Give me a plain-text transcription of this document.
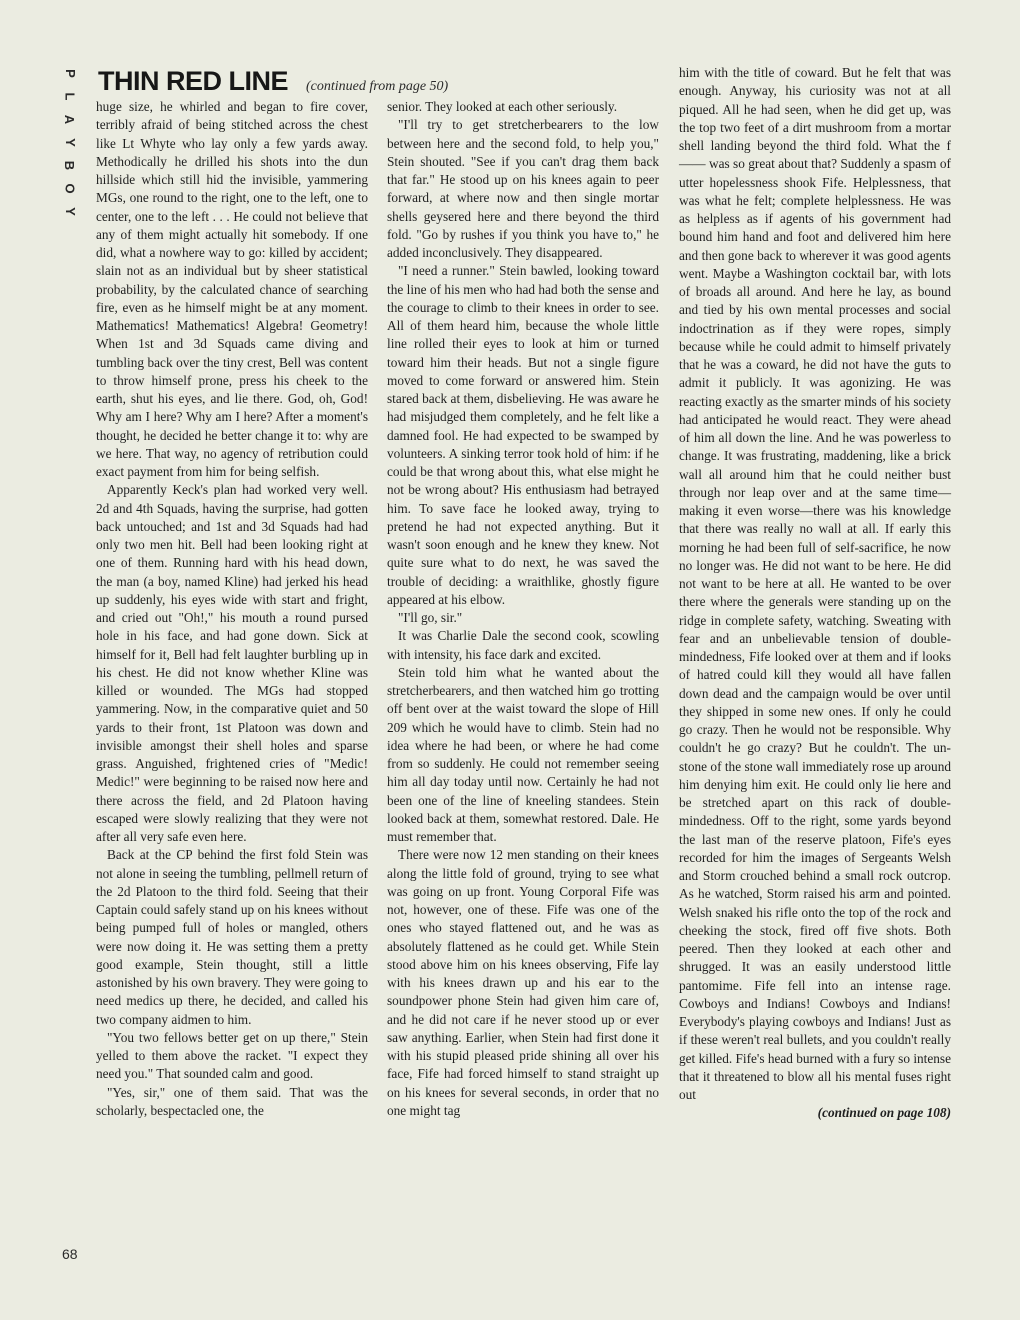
P
L
A
Y
B
O
Y
THIN RED LINE (continued from page 50)

huge size, he whirled and began to fire cover, terribly afraid of being stitched across the chest like Lt Whyte who lay only a few yards away. Methodically he drilled his shots into the dun hillside which still hid the invisible, yammering MGs, one round to the right, one to the left, one to center, one to the left . . . He could not believe that any of them might actually hit somebody. If one did, what a nowhere way to go: killed by accident; slain not as an individual but by sheer statistical probability, by the calculated chance of searching fire, even as he himself might be at any moment. Mathematics! Mathematics! Algebra! Geometry! When 1st and 3d Squads came diving and tumbling back over the tiny crest, Bell was content to throw himself prone, press his cheek to the earth, shut his eyes, and lie there. God, oh, God! Why am I here? Why am I here? After a moment's thought, he decided he better change it to: why are we here. That way, no agency of retribution could exact payment from him for being selfish.

Apparently Keck's plan had worked very well. 2d and 4th Squads, having the surprise, had gotten back untouched; and 1st and 3d Squads had had only two men hit. Bell had been looking right at one of them. Running hard with his head down, the man (a boy, named Kline) had jerked his head up suddenly, his eyes wide with start and fright, and cried out "Oh!," his mouth a round pursed hole in his face, and had gone down. Sick at himself for it, Bell had felt laughter burbling up in his chest. He did not know whether Kline was killed or wounded. The MGs had stopped yammering. Now, in the comparative quiet and 50 yards to their front, 1st Platoon was down and invisible amongst their shell holes and sparse grass. Anguished, frightened cries of "Medic! Medic!" were beginning to be raised now here and there across the field, and 2d Platoon having escaped were slowly realizing that they were not after all very safe even here.

Back at the CP behind the first fold Stein was not alone in seeing the tumbling, pellmell return of the 2d Platoon to the third fold. Seeing that their Captain could safely stand up on his knees without being pumped full of holes or mangled, others were now doing it. He was setting them a pretty good example, Stein thought, still a little astonished by his own bravery. They were going to need medics up there, he decided, and called his two company aidmen to him.

"You two fellows better get on up there," Stein yelled to them above the racket. "I expect they need you." That sounded calm and good.

"Yes, sir," one of them said. That was the scholarly, bespectacled one, the

senior. They looked at each other seriously.

"I'll try to get stretcherbearers to the low between here and the second fold, to help you," Stein shouted. "See if you can't drag them back that far." He stood up on his knees again to peer forward, at where now and then single mortar shells geysered here and there beyond the third fold. "Go by rushes if you think you have to," he added inconclusively. They disappeared.

"I need a runner." Stein bawled, looking toward the line of his men who had had both the sense and the courage to climb to their knees in order to see. All of them heard him, because the whole little line rolled their eyes to look at him or turned toward him their heads. But not a single figure moved to come forward or answered him. Stein stared back at them, disbelieving. He was aware he had misjudged them completely, and he felt like a damned fool. He had expected to be swamped by volunteers. A sinking terror took hold of him: if he could be that wrong about this, what else might he not be wrong about? His enthusiasm had betrayed him. To save face he looked away, trying to pretend he had not expected anything. But it wasn't soon enough and he knew they knew. Not quite sure what to do next, he was saved the trouble of deciding: a wraithlike, ghostly figure appeared at his elbow.

"I'll go, sir."

It was Charlie Dale the second cook, scowling with intensity, his face dark and excited.

Stein told him what he wanted about the stretcherbearers, and then watched him go trotting off bent over at the waist toward the slope of Hill 209 which he would have to climb. Stein had no idea where he had been, or where he had come from so suddenly. He could not remember seeing him all day today until now. Certainly he had not been one of the line of kneeling standees. Stein looked back at them, somewhat restored. Dale. He must remember that.

There were now 12 men standing on their knees along the little fold of ground, trying to see what was going on up front. Young Corporal Fife was not, however, one of these. Fife was one of the ones who stayed flattened out, and he was as absolutely flattened as he could get. While Stein stood above him on his knees observing, Fife lay with his knees drawn up and his ear to the soundpower phone Stein had given him care of, and he did not care if he never stood up or ever saw anything. Earlier, when Stein had first done it with his stupid pleased pride shining all over his face, Fife had forced himself to stand straight up on his knees for several seconds, in order that no one might tag

him with the title of coward. But he felt that was enough. Anyway, his curiosity was not at all piqued. All he had seen, when he did get up, was the top two feet of a dirt mushroom from a mortar shell landing beyond the third fold. What the f—— was so great about that? Suddenly a spasm of utter hopelessness shook Fife. Helplessness, that was what he felt; complete helplessness. He was as helpless as if agents of his government had bound him hand and foot and delivered him here and then gone back to wherever it was good agents went. Maybe a Washington cocktail bar, with lots of broads all around. And here he lay, as bound and tied by his own mental processes and social indoctrination as if they were ropes, simply because while he could admit to himself privately that he was a coward, he did not have the guts to admit it publicly. It was agonizing. He was reacting exactly as the smarter minds of his society had anticipated he would react. They were ahead of him all down the line. And he was powerless to change. It was frustrating, maddening, like a brick wall all around him that he could neither bust through nor leap over and at the same time—making it even worse—there was his knowledge that there was really no wall at all. If early this morning he had been full of self-sacrifice, he now no longer was. He did not want to be here. He did not want to be here at all. He wanted to be over there where the generals were standing up on the ridge in complete safety, watching. Sweating with fear and an unbelievable tension of double-mindedness, Fife looked over at them and if looks of hatred could kill they would all have fallen down dead and the campaign would be over until they shipped in some new ones. If only he could go crazy. Then he would not be responsible. Why couldn't he go crazy? But he couldn't. The un-stone of the stone wall immediately rose up around him denying him exit. He could only lie here and be stretched apart on this rack of double-mindedness. Off to the right, some yards beyond the last man of the reserve platoon, Fife's eyes recorded for him the images of Sergeants Welsh and Storm crouched behind a small rock outcrop. As he watched, Storm raised his arm and pointed. Welsh snaked his rifle onto the top of the rock and cheeking the stock, fired off five shots. Both peered. Then they looked at each other and shrugged. It was an easily understood little pantomime. Fife fell into an intense rage. Cowboys and Indians! Cowboys and Indians! Everybody's playing cowboys and Indians! Just as if these weren't real bullets, and you couldn't really get killed. Fife's head burned with a fury so intense that it threatened to blow all his mental fuses right out

(continued on page 108)

68
